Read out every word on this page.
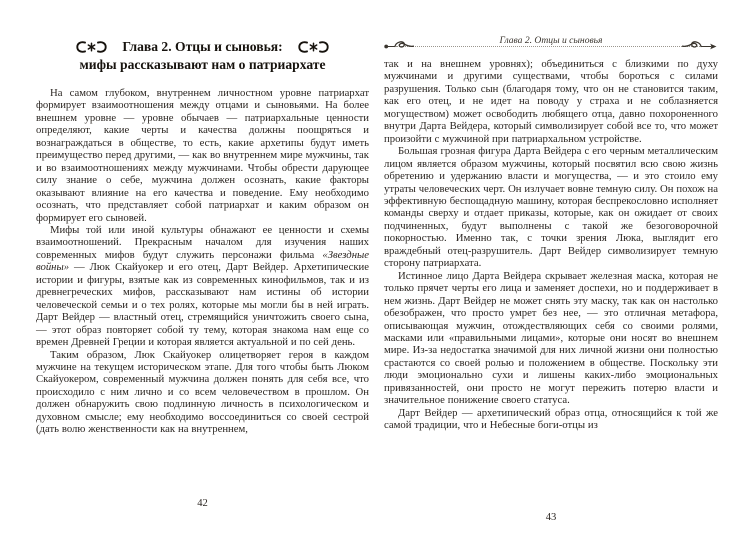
Глава 2. Отцы и сыновья:
мифы рассказывают нам о патриархате

На самом глубоком, внутреннем личностном уровне патриархат формирует взаимоотношения между отцами и сыновьями. На более внешнем уровне — уровне обычаев — патриархальные ценности определяют, какие черты и качества должны поощряться и вознаграждаться в обществе, то есть, какие архетипы будут иметь преимущество перед другими, — как во внутреннем мире мужчины, так и во взаимоотношениях между мужчинами. Чтобы обрести дарующее силу знание о себе, мужчина должен осознать, какие факторы оказывают влияние на его качества и поведение. Ему необходимо осознать, что представляет собой патриархат и каким образом он формирует его сыновей.

Мифы той или иной культуры обнажают ее ценности и схемы взаимоотношений. Прекрасным началом для изучения наших современных мифов будут служить персонажи фильма «Звездные войны» — Люк Скайуокер и его отец, Дарт Вейдер. Архетипические истории и фигуры, взятые как из современных кинофильмов, так и из древнегреческих мифов, рассказывают нам истины об истории человеческой семьи и о тех ролях, которые мы могли бы в ней играть. Дарт Вейдер — властный отец, стремящийся уничтожить своего сына, — этот образ повторяет собой ту тему, которая знакома нам еще со времен Древней Греции и которая является актуальной и по сей день.

Таким образом, Люк Скайуокер олицетворяет героя в каждом мужчине на текущем историческом этапе. Для того чтобы быть Люком Скайуокером, современный мужчина должен понять для себя все, что происходило с ним лично и со всем человечеством в прошлом. Он должен обнаружить свою подлинную личность в психологическом и духовном смысле; ему необходимо воссоединиться со своей сестрой (дать волю женственности как на внутреннем,

42
Глава 2. Отцы и сыновья

так и на внешнем уровнях); объединиться с близкими по духу мужчинами и другими существами, чтобы бороться с силами разрушения. Только сын (благодаря тому, что он не становится таким, как его отец, и не идет на поводу у страха и не соблазняется могуществом) может освободить любящего отца, давно похороненного внутри Дарта Вейдера, который символизирует собой все то, что может произойти с мужчиной при патриархальном устройстве.

Большая грозная фигура Дарта Вейдера с его черным металлическим лицом является образом мужчины, который посвятил всю свою жизнь обретению и удержанию власти и могущества, — и это стоило ему утраты человеческих черт. Он излучает вовне темную силу. Он похож на эффективную беспощадную машину, которая беспрекословно исполняет команды сверху и отдает приказы, которые, как он ожидает от своих подчиненных, будут выполнены с такой же безоговорочной покорностью. Именно так, с точки зрения Люка, выглядит его враждебный отец-разрушитель. Дарт Вейдер символизирует темную сторону патриархата.

Истинное лицо Дарта Вейдера скрывает железная маска, которая не только прячет черты его лица и заменяет доспехи, но и поддерживает в нем жизнь. Дарт Вейдер не может снять эту маску, так как он настолько обезображен, что просто умрет без нее, — это отличная метафора, описывающая мужчин, отождествляющих себя со своими ролями, масками или «правильными лицами», которые они носят во внешнем мире. Из-за недостатка значимой для них личной жизни они полностью срастаются со своей ролью и положением в обществе. Поскольку эти люди эмоционально сухи и лишены каких-либо эмоциональных привязанностей, они просто не могут пережить потерю власти и значительное понижение своего статуса.

Дарт Вейдер — архетипический образ отца, относящийся к той же самой традиции, что и Небесные боги-отцы из

43
